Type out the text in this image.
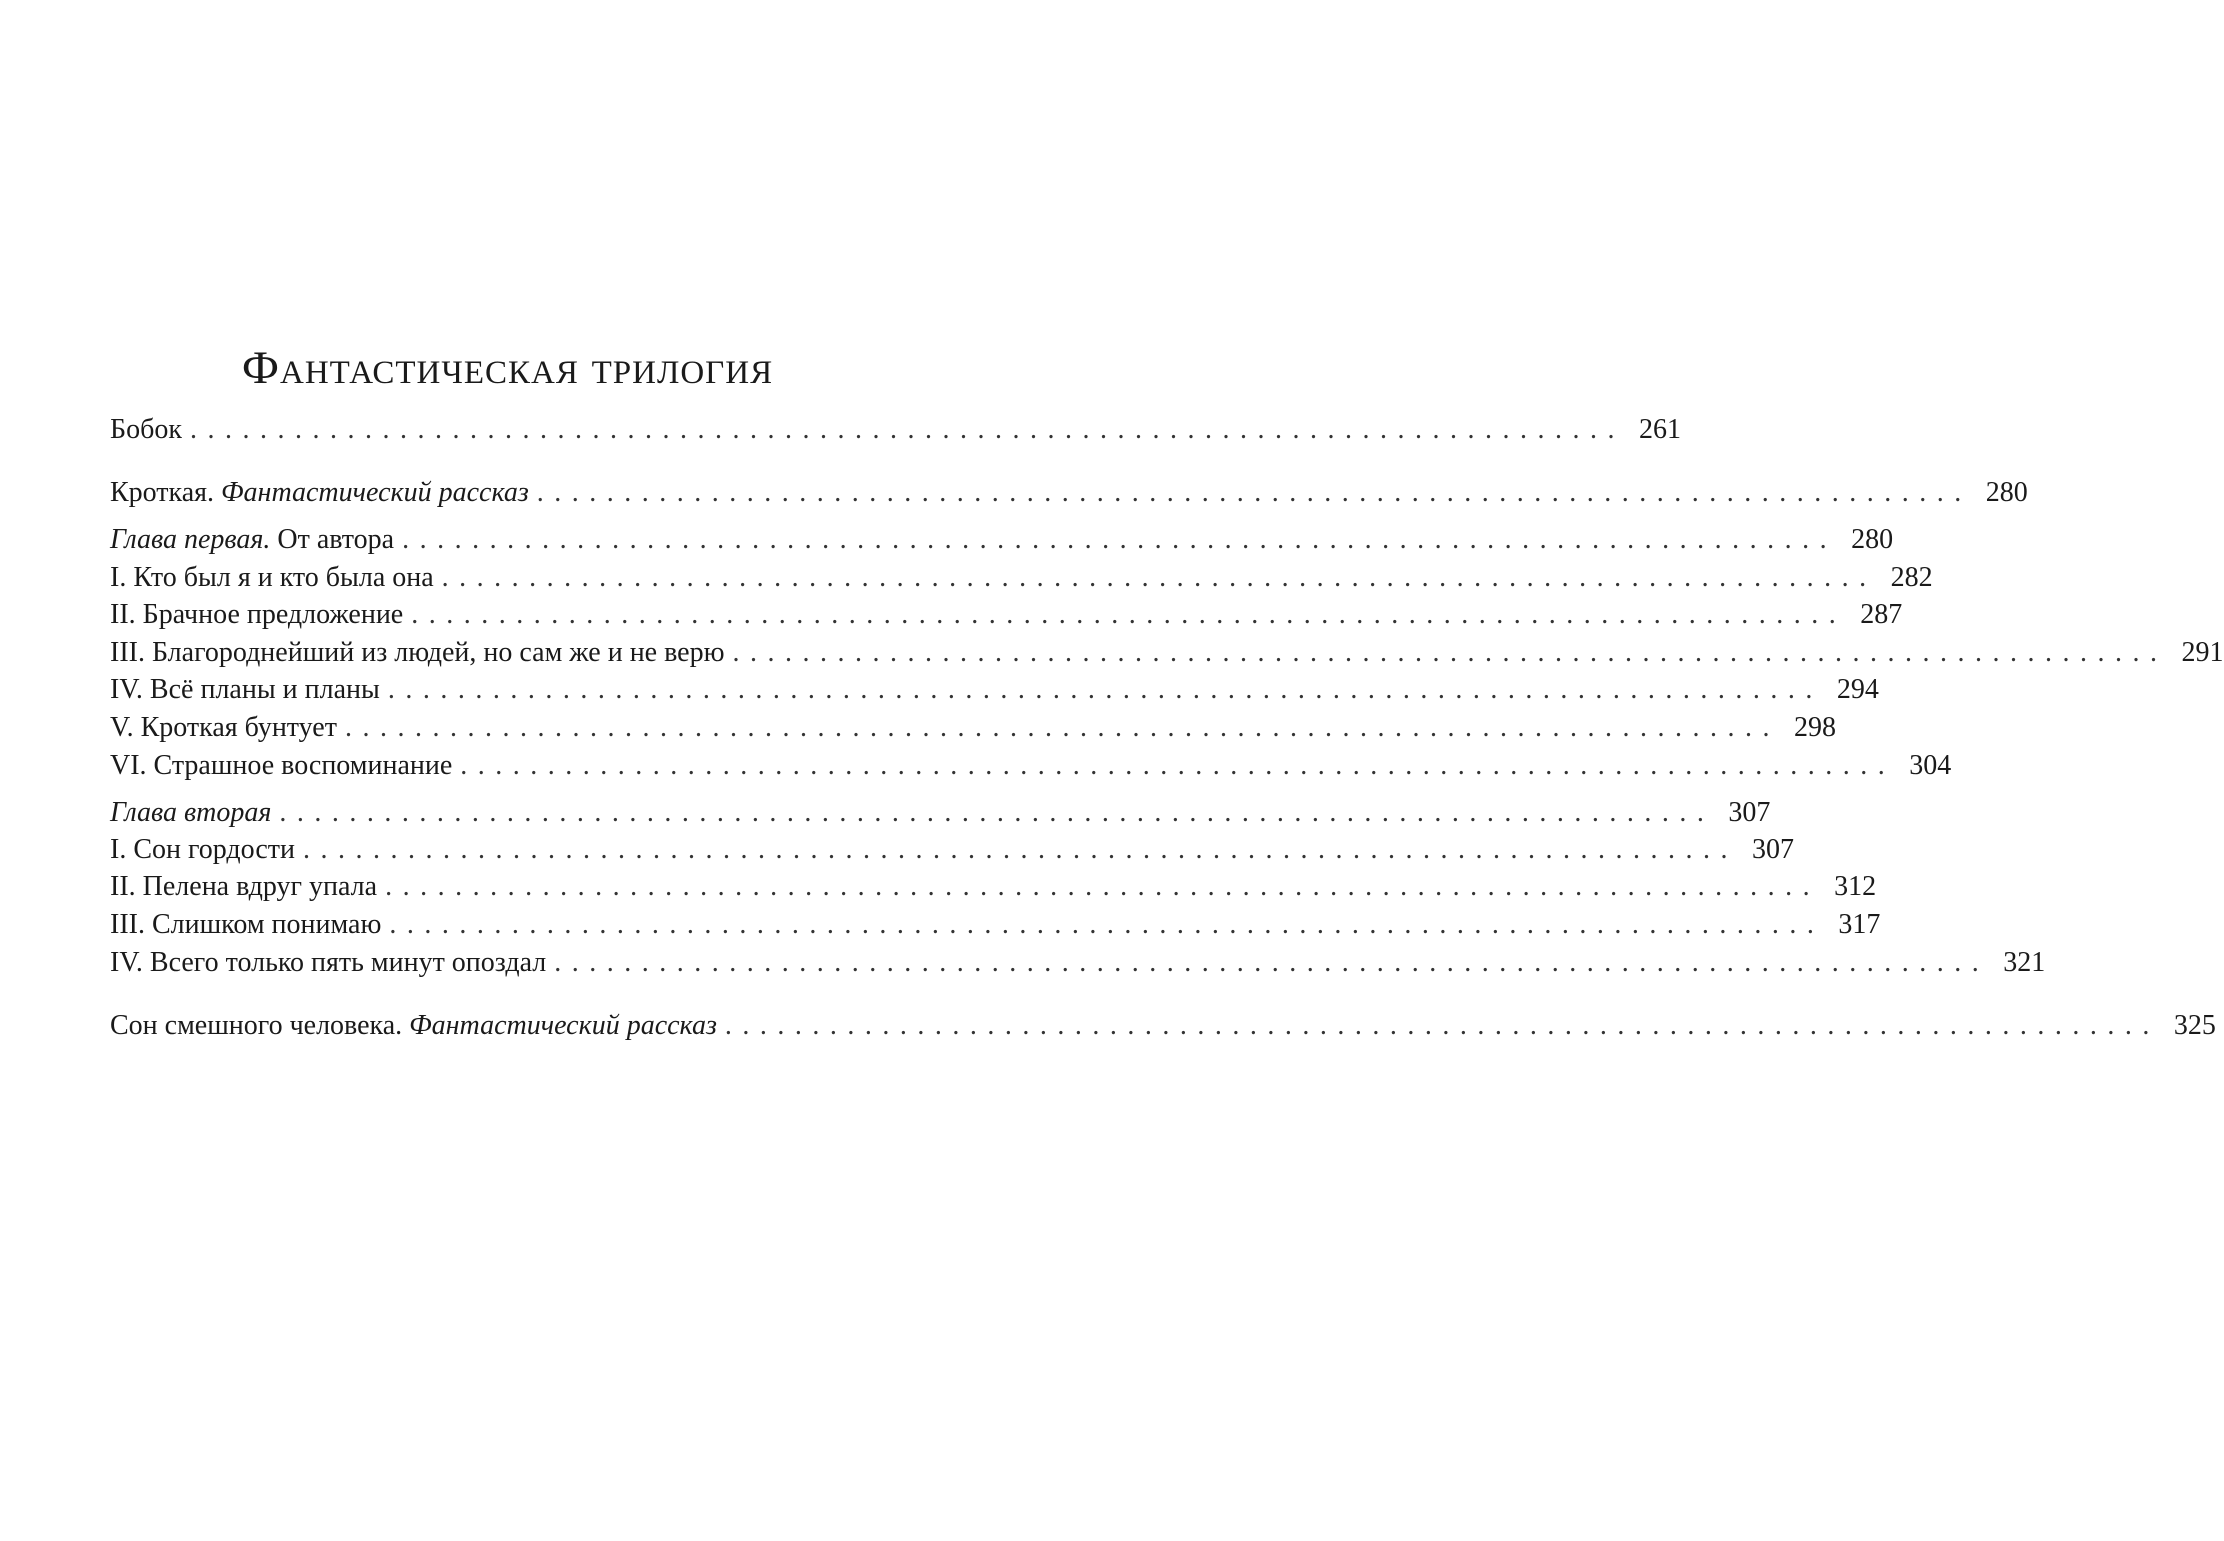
Фантастическая трилогия
Бобок .................................................................................. 261
Кроткая. Фантастический рассказ .................................................................................. 280
Глава первая. От автора .................................................................................. 280
I. Кто был я и кто была она .................................................................................. 282
II. Брачное предложение .................................................................................. 287
III. Благороднейший из людей, но сам же и не верю .................................................................................. 291
IV. Всё планы и планы .................................................................................. 294
V. Кроткая бунтует .................................................................................. 298
VI. Страшное воспоминание .................................................................................. 304
Глава вторая .................................................................................. 307
I. Сон гордости .................................................................................. 307
II. Пелена вдруг упала .................................................................................. 312
III. Слишком понимаю .................................................................................. 317
IV. Всего только пять минут опоздал .................................................................................. 321
Сон смешного человека. Фантастический рассказ .................................................................................. 325
